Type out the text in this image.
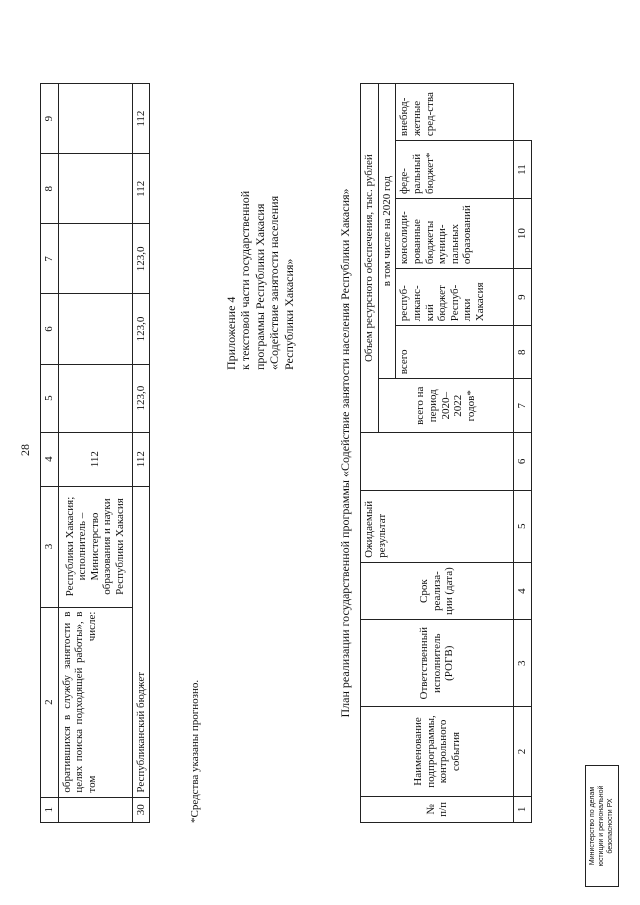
28
1	2	3	4	5	6	7	8	9
	обратившихся в службу занятости в целях поиска подходящей работы», в том числе:	Республики Хакасия; исполнитель – Министерство образования и науки Республики Хакасия	112					
30	Республиканский бюджет		112	123,0	123,0	123,0	112	112
*Средства указаны прогнозно.
Приложение 4 к текстовой части государственной программы Республики Хакасия «Содействие занятости населения Республики Хакасия»	План реализации государственной программы «Содействие занятости населения Республики Хакасия»
№ п/п	Наименование подпрограммы, контрольного события	Ответственный исполнитель (РОГВ)	Срок реализа-ции (дата)	Ожидаемый результат		Объем ресурсного обеспечения, тыс. рублей					
						всего на период 2020–2022 годов*	в том числе на 2020 год				
							всего	респуб-ликанс-кий бюджет Респуб-лики Хакасия	консолиди-рованные бюджеты муници-пальных образований	феде-ральный бюджет*	внебюд-жетные сред-ства
1	2	3	4	5	6	7	8	9	10	11	
Министерство по делам юстиции и региональной безопасности РХ
